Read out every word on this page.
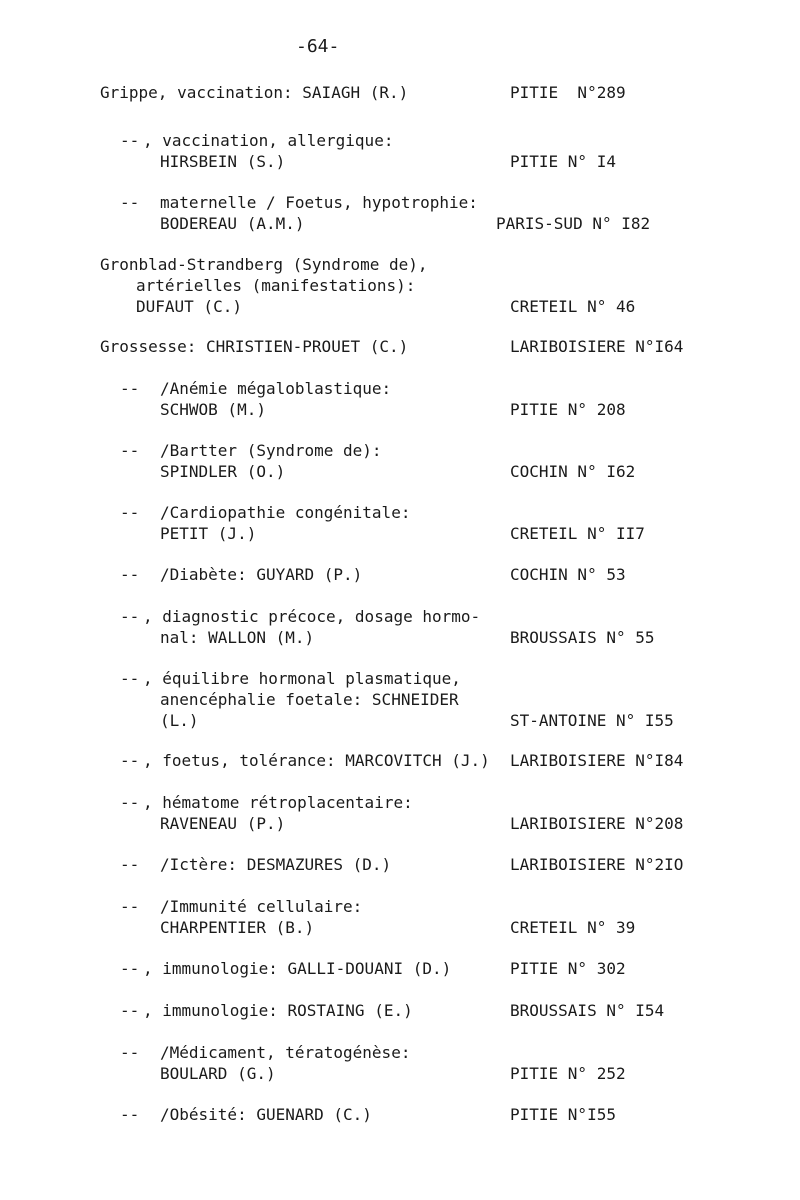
-64-
Grippe, vaccination: SAIAGH (R.)	PITIE  N°289
-- , vaccination, allergique:
HIRSBEIN (S.)	PITIE N° I4
-- maternelle / Foetus, hypotrophie:
BODEREAU (A.M.)	PARIS-SUD N° I82
Gronblad-Strandberg (Syndrome de),
artérielles (manifestations):
DUFAUT (C.)	CRETEIL N° 46
Grossesse: CHRISTIEN-PROUET (C.)	LARIBOISIERE N°I64
-- /Anémie mégaloblastique:
SCHWOB (M.)	PITIE N° 208
-- /Bartter (Syndrome de):
SPINDLER (O.)	COCHIN N° I62
-- /Cardiopathie congénitale:
PETIT (J.)	CRETEIL N° II7
-- /Diabète: GUYARD (P.)	COCHIN N° 53
-- , diagnostic précoce, dosage hormo-
nal: WALLON (M.)	BROUSSAIS N° 55
-- , équilibre hormonal plasmatique,
anencéphalie foetale: SCHNEIDER
(L.)	ST-ANTOINE N° I55
-- , foetus, tolérance: MARCOVITCH (J.) LARIBOISIERE N°I84
-- , hématome rétroplacentaire:
RAVENEAU (P.)	LARIBOISIERE N°208
-- /Ictère: DESMAZURES (D.)	LARIBOISIERE N°2IO
-- /Immunité cellulaire:
CHARPENTIER (B.)	CRETEIL N° 39
-- , immunologie: GALLI-DOUANI (D.)	PITIE N° 302
-- , immunologie: ROSTAING (E.)	BROUSSAIS N° I54
-- /Médicament, tératogénèse:
BOULARD (G.)	PITIE N° 252
-- /Obésité: GUENARD (C.)	PITIE N°I55
